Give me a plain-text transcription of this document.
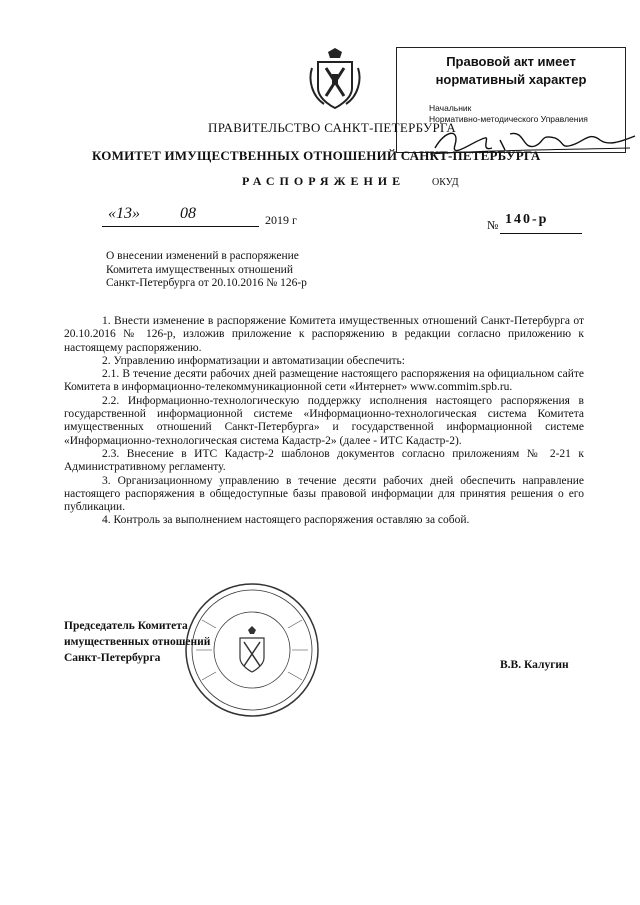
Правовой акт имеет
нормативный характер
Начальник
Нормативно-методического Управления
ПРАВИТЕЛЬСТВО САНКТ-ПЕТЕРБУРГА
КОМИТЕТ ИМУЩЕСТВЕННЫХ ОТНОШЕНИЙ САНКТ-ПЕТЕРБУРГА
РАСПОРЯЖЕНИЕ	ОКУД
«13»	08	2019 г	№ 140-р
О внесении изменений в распоряжение
Комитета имущественных отношений
Санкт-Петербурга от 20.10.2016 № 126-р

1. Внести изменение в распоряжение Комитета имущественных отношений Санкт-Петербурга от 20.10.2016 № 126-р, изложив приложение к распоряжению в редакции согласно приложению к настоящему распоряжению.

2. Управлению информатизации и автоматизации обеспечить:

2.1. В течение десяти рабочих дней размещение настоящего распоряжения на официальном сайте Комитета в информационно-телекоммуникационной сети «Интернет» www.commim.spb.ru.

2.2. Информационно-технологическую поддержку исполнения настоящего распоряжения в государственной информационной системе «Информационно-технологическая система Комитета имущественных отношений Санкт-Петербурга» и государственной информационной системе «Информационно-технологическая система Кадастр-2» (далее - ИТС Кадастр-2).

2.3. Внесение в ИТС Кадастр-2 шаблонов документов согласно приложениям № 2-21 к Административному регламенту.

3. Организационному управлению в течение десяти рабочих дней обеспечить направление настоящего распоряжения в общедоступные базы правовой информации для принятия решения о его публикации.

4. Контроль за выполнением настоящего распоряжения оставляю за собой.

Председатель Комитета
имущественных отношений
Санкт-Петербурга
В.В. Калугин
